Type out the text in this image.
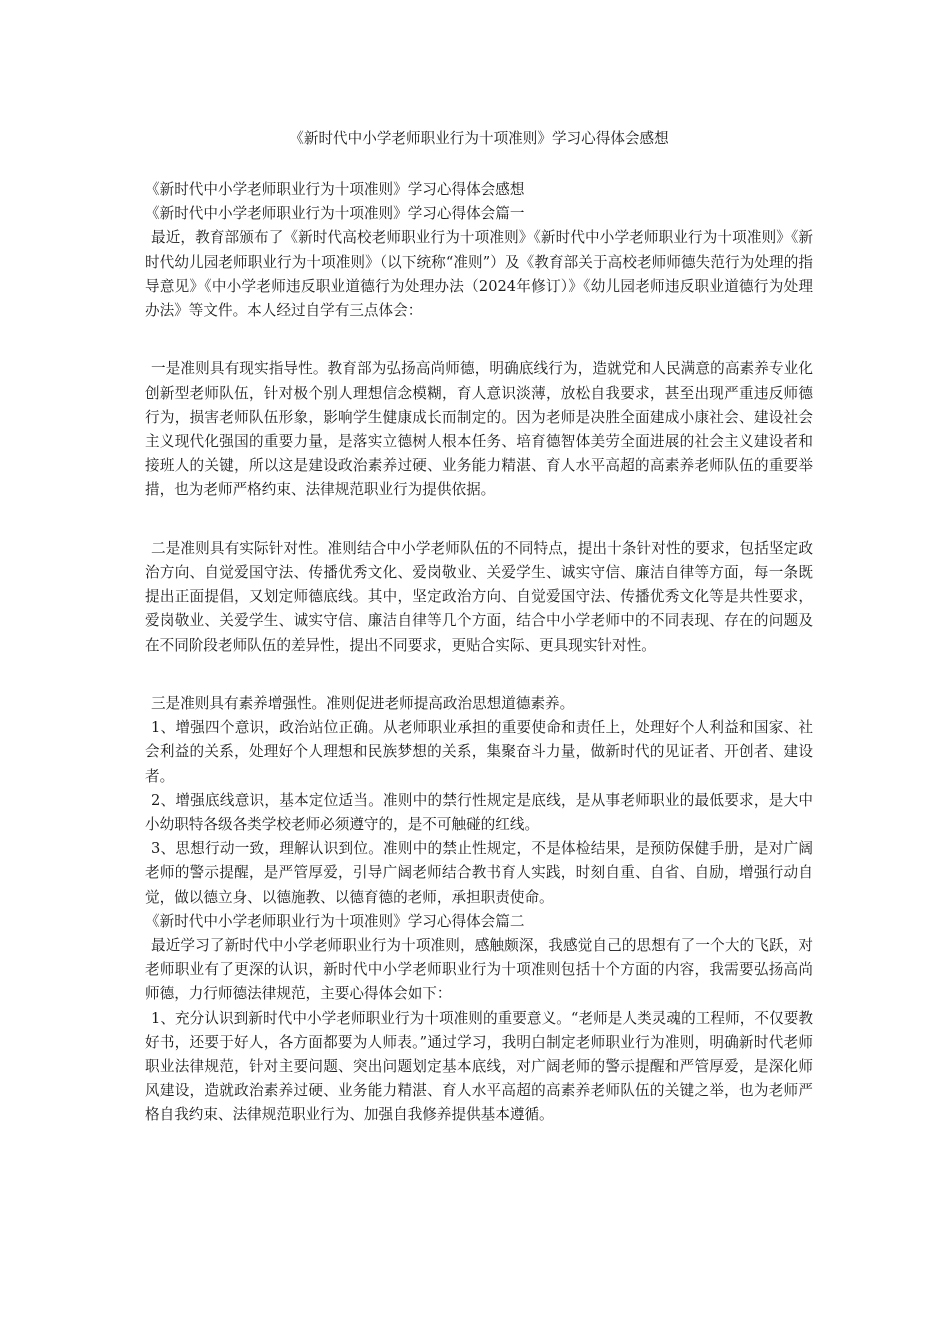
《新时代中小学老师职业行为十项准则》学习心得体会感想

《新时代中小学老师职业行为十项准则》学习心得体会感想

《新时代中小学老师职业行为十项准则》学习心得体会篇一

最近，教育部颁布了《新时代高校老师职业行为十项准则》《新时代中小学老师职业行为十项准则》《新时代幼儿园老师职业行为十项准则》（以下统称“准则”）及《教育部关于高校老师师德失范行为处理的指导意见》《中小学老师违反职业道德行为处理办法（2024年修订）》《幼儿园老师违反职业道德行为处理办法》等文件。本人经过自学有三点体会：

一是准则具有现实指导性。教育部为弘扬高尚师德，明确底线行为，造就党和人民满意的高素养专业化创新型老师队伍，针对极个别人理想信念模糊，育人意识淡薄，放松自我要求，甚至出现严重违反师德行为，损害老师队伍形象，影响学生健康成长而制定的。因为老师是决胜全面建成小康社会、建设社会主义现代化强国的重要力量，是落实立德树人根本任务、培育德智体美劳全面进展的社会主义建设者和接班人的关键，所以这是建设政治素养过硬、业务能力精湛、育人水平高超的高素养老师队伍的重要举措，也为老师严格约束、法律规范职业行为提供依据。

二是准则具有实际针对性。准则结合中小学老师队伍的不同特点，提出十条针对性的要求，包括坚定政治方向、自觉爱国守法、传播优秀文化、爱岗敬业、关爱学生、诚实守信、廉洁自律等方面，每一条既提出正面提倡，又划定师德底线。其中，坚定政治方向、自觉爱国守法、传播优秀文化等是共性要求，爱岗敬业、关爱学生、诚实守信、廉洁自律等几个方面，结合中小学老师中的不同表现、存在的问题及在不同阶段老师队伍的差异性，提出不同要求，更贴合实际、更具现实针对性。

三是准则具有素养增强性。准则促进老师提高政治思想道德素养。

1、增强四个意识，政治站位正确。从老师职业承担的重要使命和责任上，处理好个人利益和国家、社会利益的关系，处理好个人理想和民族梦想的关系，集聚奋斗力量，做新时代的见证者、开创者、建设者。

2、增强底线意识，基本定位适当。准则中的禁行性规定是底线，是从事老师职业的最低要求，是大中小幼职特各级各类学校老师必须遵守的，是不可触碰的红线。

3、思想行动一致，理解认识到位。准则中的禁止性规定，不是体检结果，是预防保健手册，是对广阔老师的警示提醒，是严管厚爱，引导广阔老师结合教书育人实践，时刻自重、自省、自励，增强行动自觉，做以德立身、以德施教、以德育德的老师，承担职责使命。

《新时代中小学老师职业行为十项准则》学习心得体会篇二

最近学习了新时代中小学老师职业行为十项准则，感触颇深，我感觉自己的思想有了一个大的飞跃，对老师职业有了更深的认识，新时代中小学老师职业行为十项准则包括十个方面的内容，我需要弘扬高尚师德，力行师德法律规范，主要心得体会如下：

1、充分认识到新时代中小学老师职业行为十项准则的重要意义。“老师是人类灵魂的工程师，不仅要教好书，还要于好人，各方面都要为人师表。”通过学习，我明白制定老师职业行为准则，明确新时代老师职业法律规范，针对主要问题、突出问题划定基本底线，对广阔老师的警示提醒和严管厚爱，是深化师风建设，造就政治素养过硬、业务能力精湛、育人水平高超的高素养老师队伍的关键之举，也为老师严格自我约束、法律规范职业行为、加强自我修养提供基本遵循。
